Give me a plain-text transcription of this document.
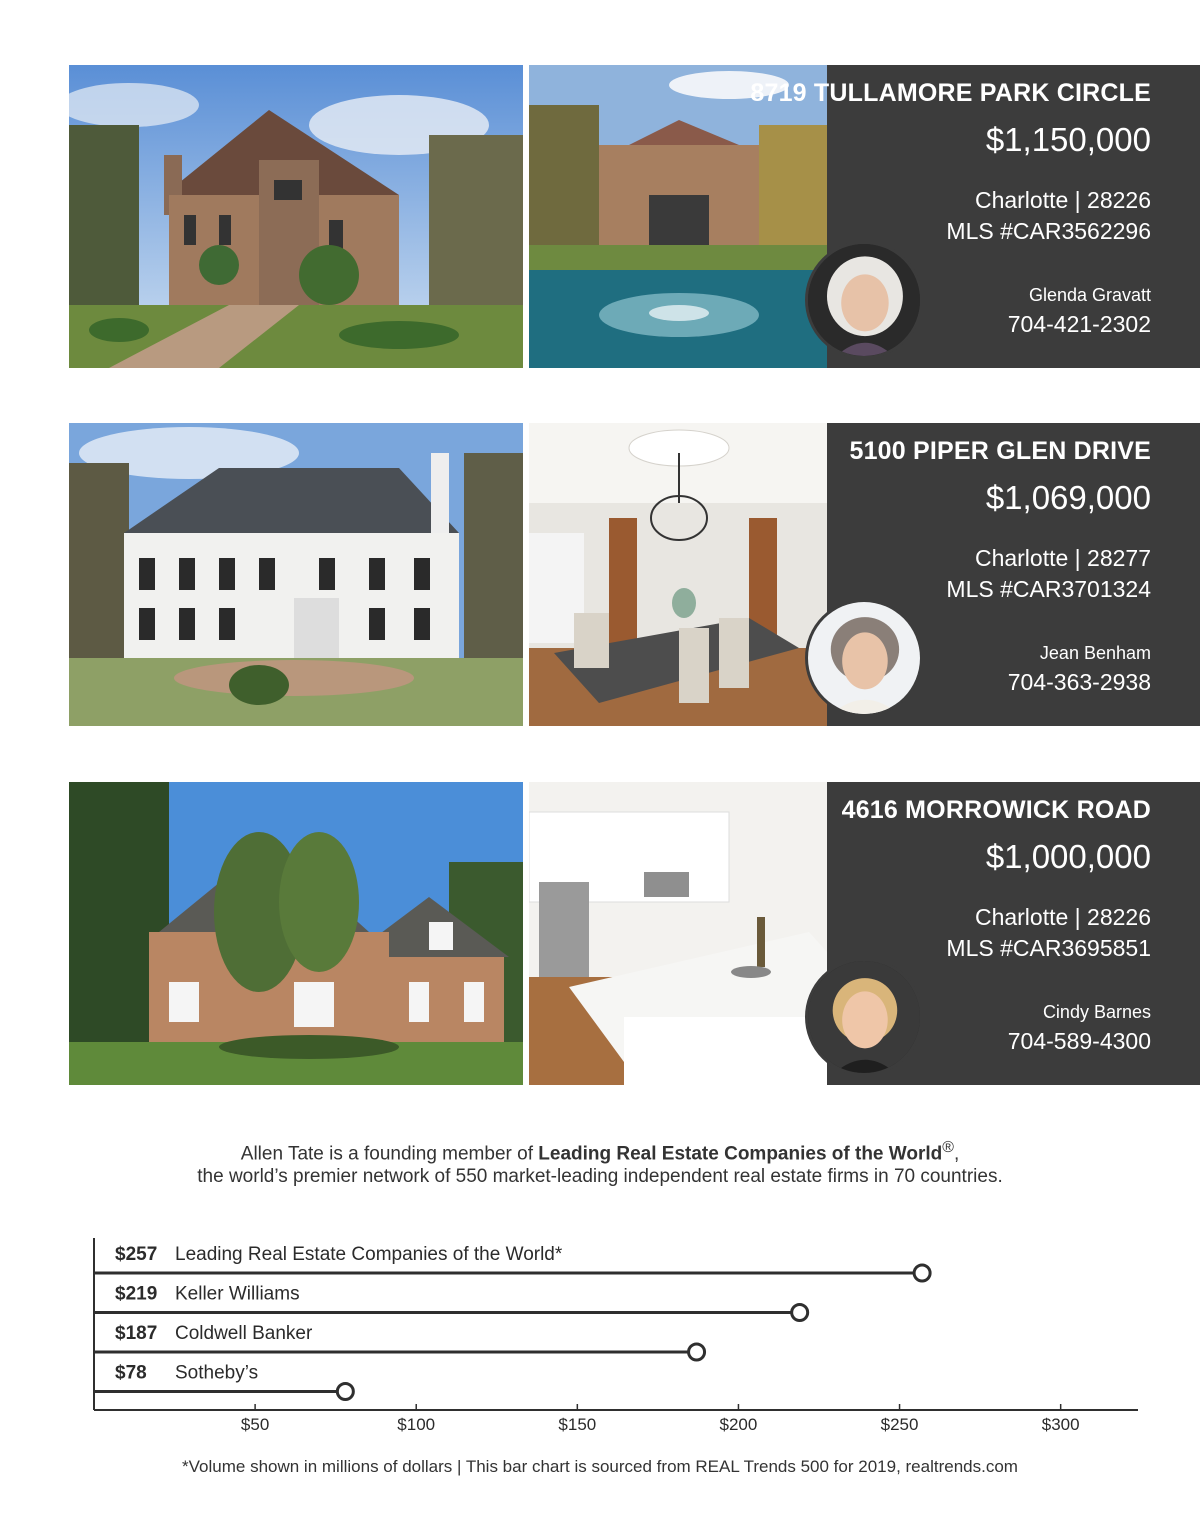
8719 TULLAMORE PARK CIRCLE
$1,150,000
Charlotte | 28226
MLS #CAR3562296
Glenda Gravatt
704-421-2302
5100 PIPER GLEN DRIVE
$1,069,000
Charlotte | 28277
MLS #CAR3701324
Jean Benham
704-363-2938
4616 MORROWICK ROAD
$1,000,000
Charlotte | 28226
MLS #CAR3695851
Cindy Barnes
704-589-4300
Allen Tate is a founding member of Leading Real Estate Companies of the World®,
the world’s premier network of 550 market-leading independent real estate firms in 70 countries.
$257 Leading Real Estate Companies of the World*
$219 Keller Williams
$187 Coldwell Banker
$78 Sotheby’s
$50	$100	$150	$200	$250	$300
*Volume shown in millions of dollars | This bar chart is sourced from REAL Trends 500 for 2019, realtrends.com
